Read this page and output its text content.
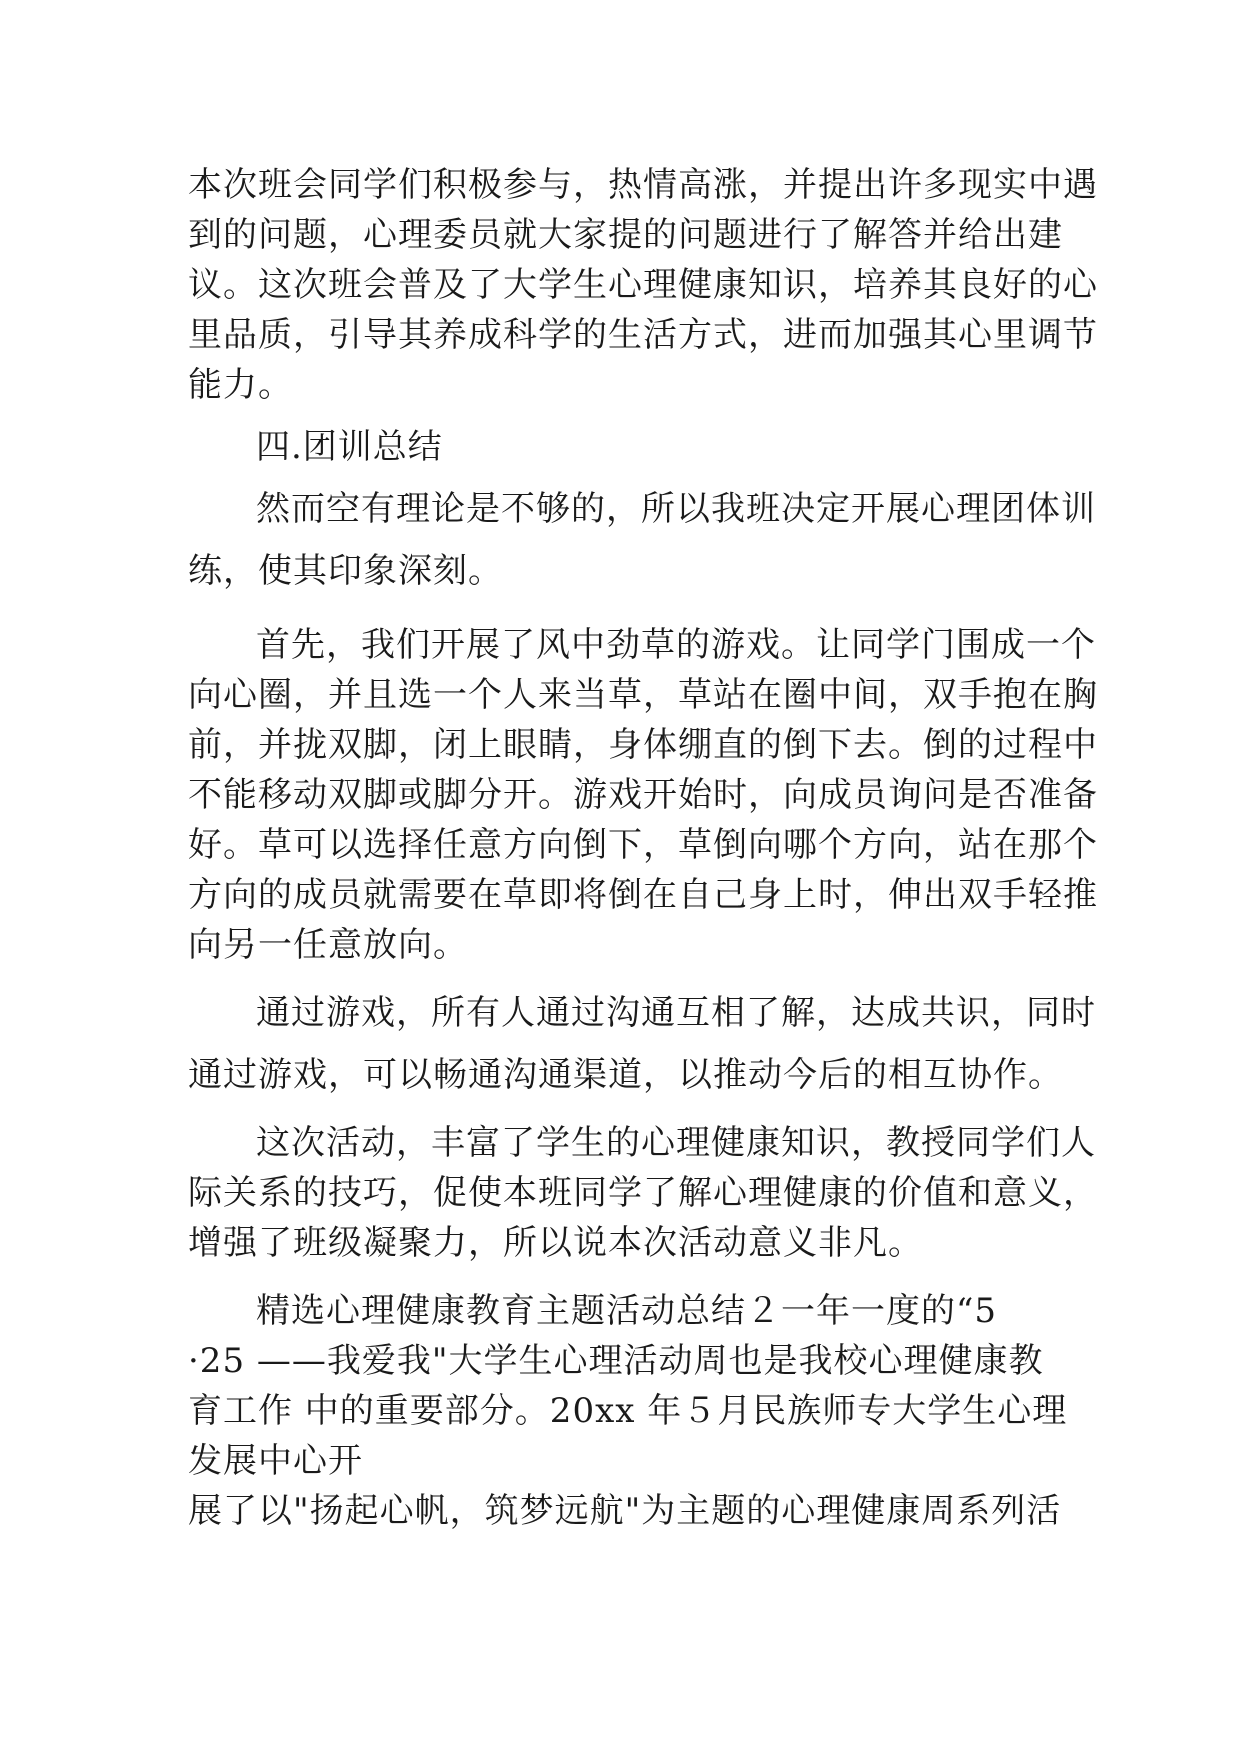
本次班会同学们积极参与，热情高涨，并提出许多现实中遇
到的问题，心理委员就大家提的问题进行了解答并给出建
议。这次班会普及了大学生心理健康知识，培养其良好的心
里品质，引导其养成科学的生活方式，进而加强其心里调节
能力。
四.团训总结
然而空有理论是不够的，所以我班决定开展心理团体训
练，使其印象深刻。
首先，我们开展了风中劲草的游戏。让同学门围成一个
向心圈，并且选一个人来当草，草站在圈中间，双手抱在胸
前，并拢双脚，闭上眼睛，身体绷直的倒下去。倒的过程中
不能移动双脚或脚分开。游戏开始时，向成员询问是否准备
好。草可以选择任意方向倒下，草倒向哪个方向，站在那个
方向的成员就需要在草即将倒在自己身上时，伸出双手轻推
向另一任意放向。
通过游戏，所有人通过沟通互相了解，达成共识，同时
通过游戏，可以畅通沟通渠道，以推动今后的相互协作。
这次活动，丰富了学生的心理健康知识，教授同学们人
际关系的技巧，促使本班同学了解心理健康的价值和意义，
增强了班级凝聚力，所以说本次活动意义非凡。
精选心理健康教育主题活动总结２一年一度的“5
·25 ——我爱我"大学生心理活动周也是我校心理健康教
育工作 中的重要部分。20xx 年５月民族师专大学生心理
发展中心开
展了以"扬起心帆，筑梦远航"为主题的心理健康周系列活
